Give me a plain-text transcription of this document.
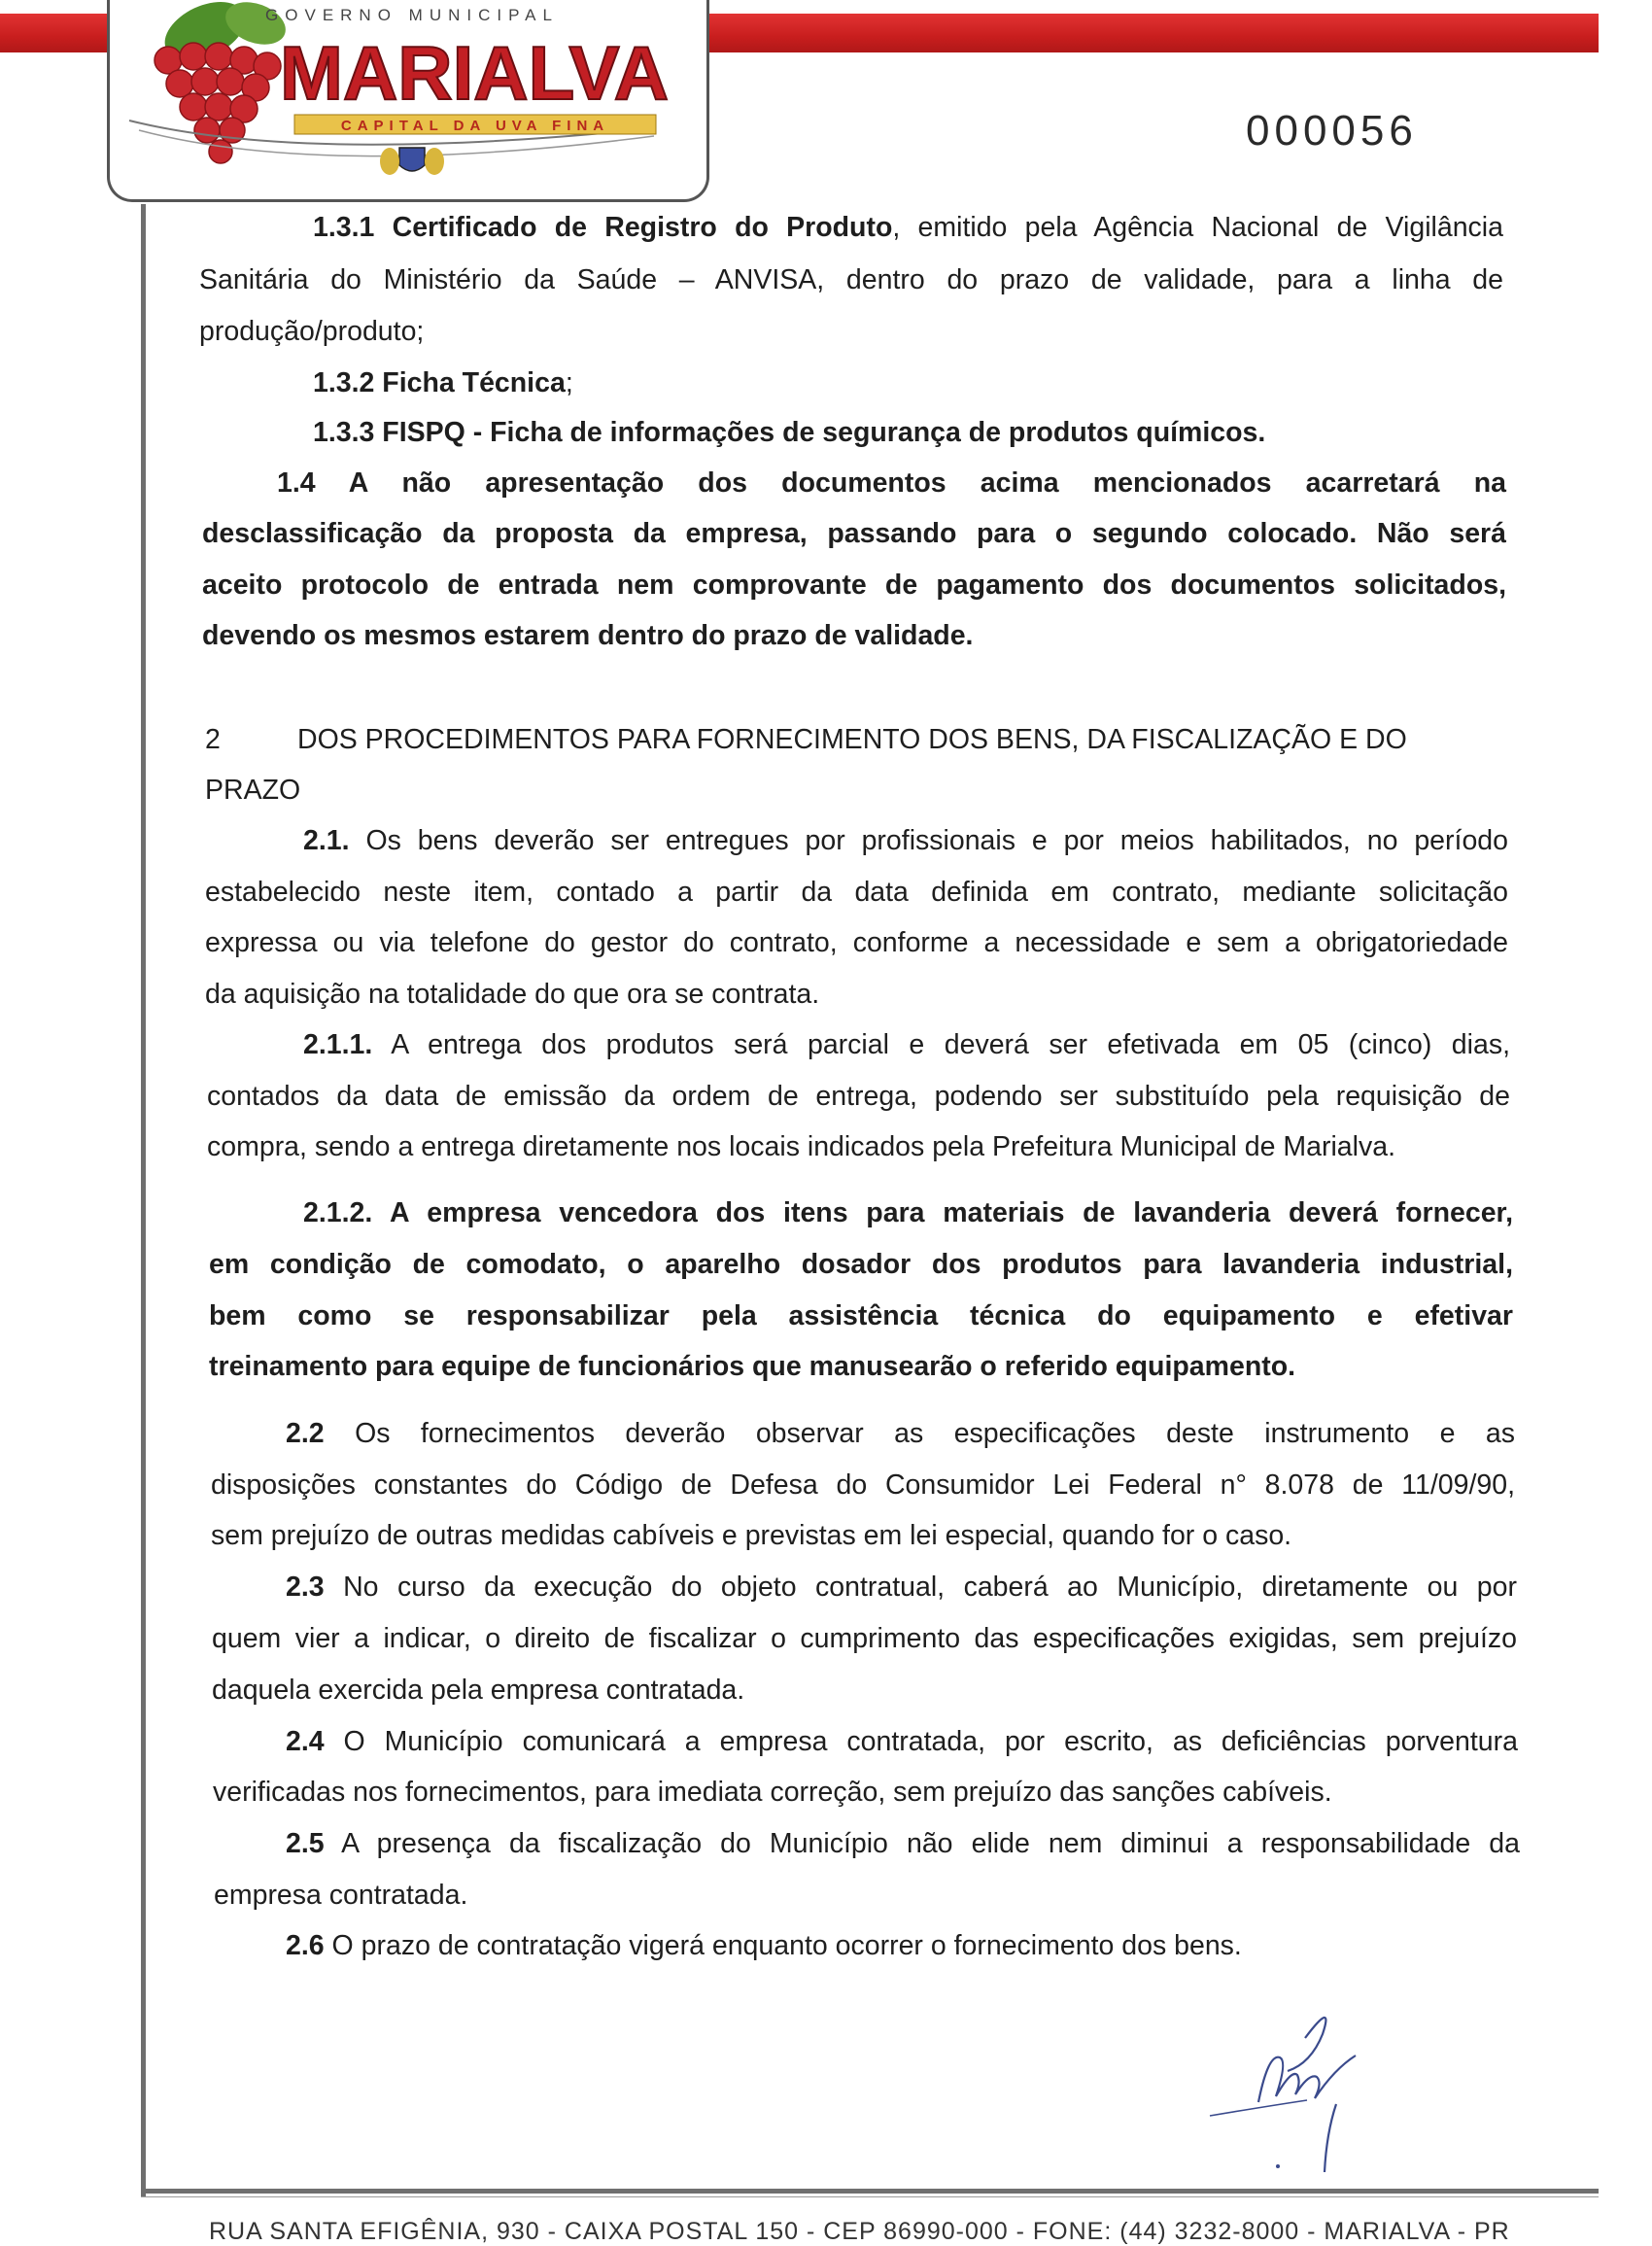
GOVERNO MUNICIPAL
MARIALVA
CAPITAL DA UVA FINA	000056
1.3.1 Certificado de Registro do Produto, emitido pela Agência Nacional de Vigilância
Sanitária do Ministério da Saúde – ANVISA, dentro do prazo de validade, para a linha de
produção/produto;
1.3.2 Ficha Técnica;
1.3.3 FISPQ - Ficha de informações de segurança de produtos químicos.
1.4 A não apresentação dos documentos acima mencionados acarretará na
desclassificação da proposta da empresa, passando para o segundo colocado. Não será
aceito protocolo de entrada nem comprovante de pagamento dos documentos solicitados,
devendo os mesmos estarem dentro do prazo de validade.
2	DOS PROCEDIMENTOS PARA FORNECIMENTO DOS BENS, DA FISCALIZAÇÃO E DO
PRAZO
2.1. Os bens deverão ser entregues por profissionais e por meios habilitados, no período
estabelecido neste item, contado a partir da data definida em contrato, mediante solicitação
expressa ou via telefone do gestor do contrato, conforme a necessidade e sem a obrigatoriedade
da aquisição na totalidade do que ora se contrata.
2.1.1. A entrega dos produtos será parcial e deverá ser efetivada em 05 (cinco) dias,
contados da data de emissão da ordem de entrega, podendo ser substituído pela requisição de
compra, sendo a entrega diretamente nos locais indicados pela Prefeitura Municipal de Marialva.
2.1.2. A empresa vencedora dos itens para materiais de lavanderia deverá fornecer,
em condição de comodato, o aparelho dosador dos produtos para lavanderia industrial,
bem como se responsabilizar pela assistência técnica do equipamento e efetivar
treinamento para equipe de funcionários que manusearão o referido equipamento.
2.2 Os fornecimentos deverão observar as especificações deste instrumento e as
disposições constantes do Código de Defesa do Consumidor Lei Federal n° 8.078 de 11/09/90,
sem prejuízo de outras medidas cabíveis e previstas em lei especial, quando for o caso.
2.3 No curso da execução do objeto contratual, caberá ao Município, diretamente ou por
quem vier a indicar, o direito de fiscalizar o cumprimento das especificações exigidas, sem prejuízo
daquela exercida pela empresa contratada.
2.4 O Município comunicará a empresa contratada, por escrito, as deficiências porventura
verificadas nos fornecimentos, para imediata correção, sem prejuízo das sanções cabíveis.
2.5 A presença da fiscalização do Município não elide nem diminui a responsabilidade da
empresa contratada.
2.6 O prazo de contratação vigerá enquanto ocorrer o fornecimento dos bens.
RUA SANTA EFIGÊNIA, 930 - CAIXA POSTAL 150 - CEP 86990-000 - FONE: (44) 3232-8000 - MARIALVA - PR
